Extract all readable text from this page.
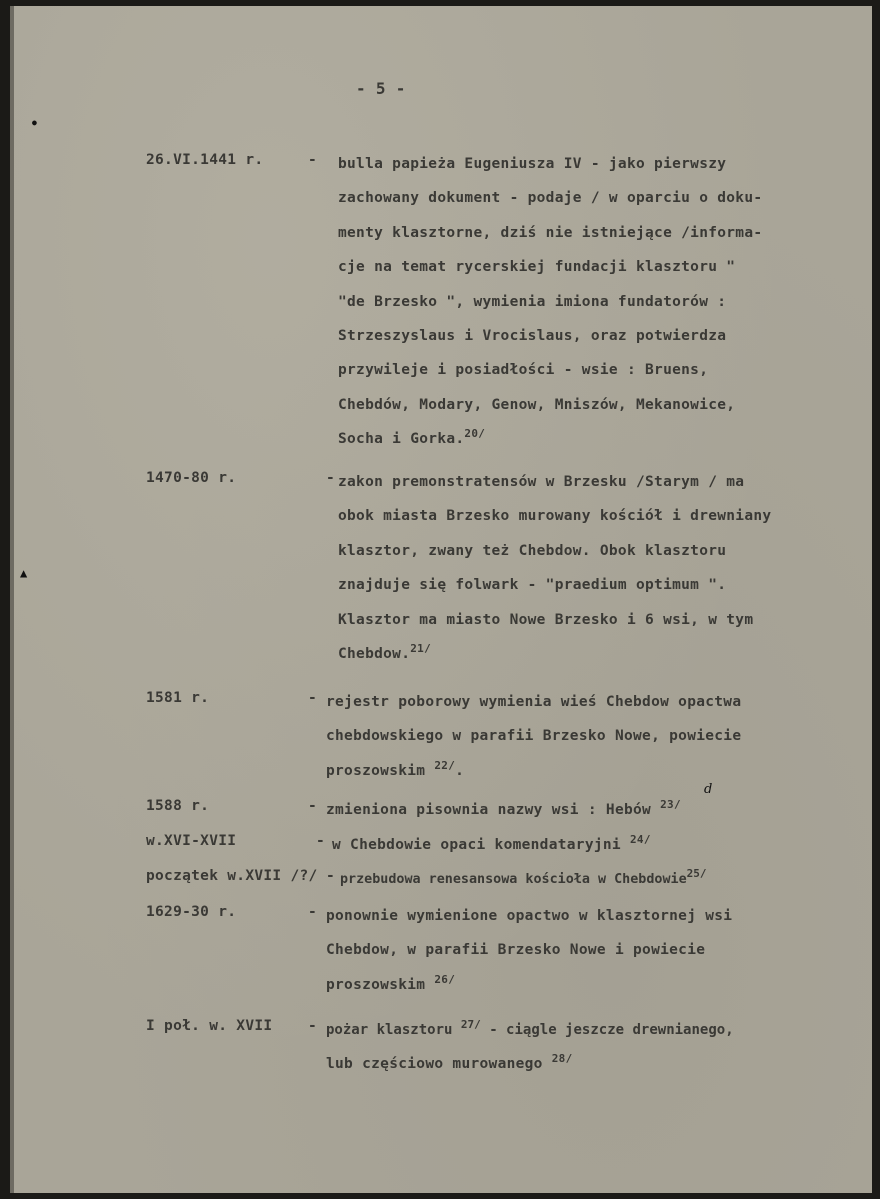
- 5 -
26.VI.1441 r.	- bulla papieża Eugeniusza IV - jako pierwszy
zachowany dokument - podaje / w oparciu o doku-
menty klasztorne, dziś nie istniejące /informa-
cje na temat rycerskiej fundacji klasztoru "
"de Brzesko ", wymienia imiona fundatorów :
Strzeszyslaus i Vrocislaus, oraz potwierdza
przywileje i posiadłości - wsie : Bruens,
Chebdów, Modary, Genow, Mniszów, Mekanowice,
Socha i Gorka.$^{20/}$
1470-80 r.	- zakon premonstratensów w Brzesku /Starym / ma
obok miasta Brzesko murowany kościół i drewniany
klasztor, zwany też Chebdow. Obok klasztoru
znajduje się folwark - "praedium optimum ".
Klasztor ma miasto Nowe Brzesko i 6 wsi, w tym
Chebdow.$^{21/}$
1581 r.	- rejestr poborowy wymienia wieś Chebdow opactwa
chebdowskiego w parafii Brzesko Nowe, powiecie
proszowskim $^{22/}$.
1588 r.	- zmieniona pisownia nazwy wsi : Hebów $^{23/}$
d
w.XVI-XVII	- w Chebdowie opaci komendataryjni $^{24/}$
początek w.XVII /?/ - przebudowa renesansowa kościoła w Chebdowie$^{25/}$
1629-30 r.	- ponownie wymienione opactwo w klasztornej wsi
Chebdow, w parafii Brzesko Nowe i powiecie
proszowskim $^{26/}$
I poł. w. XVII - pożar klasztoru $^{27/}$ - ciągle jeszcze drewnianego,
lub częściowo murowanego $^{28/}$
▲
●
